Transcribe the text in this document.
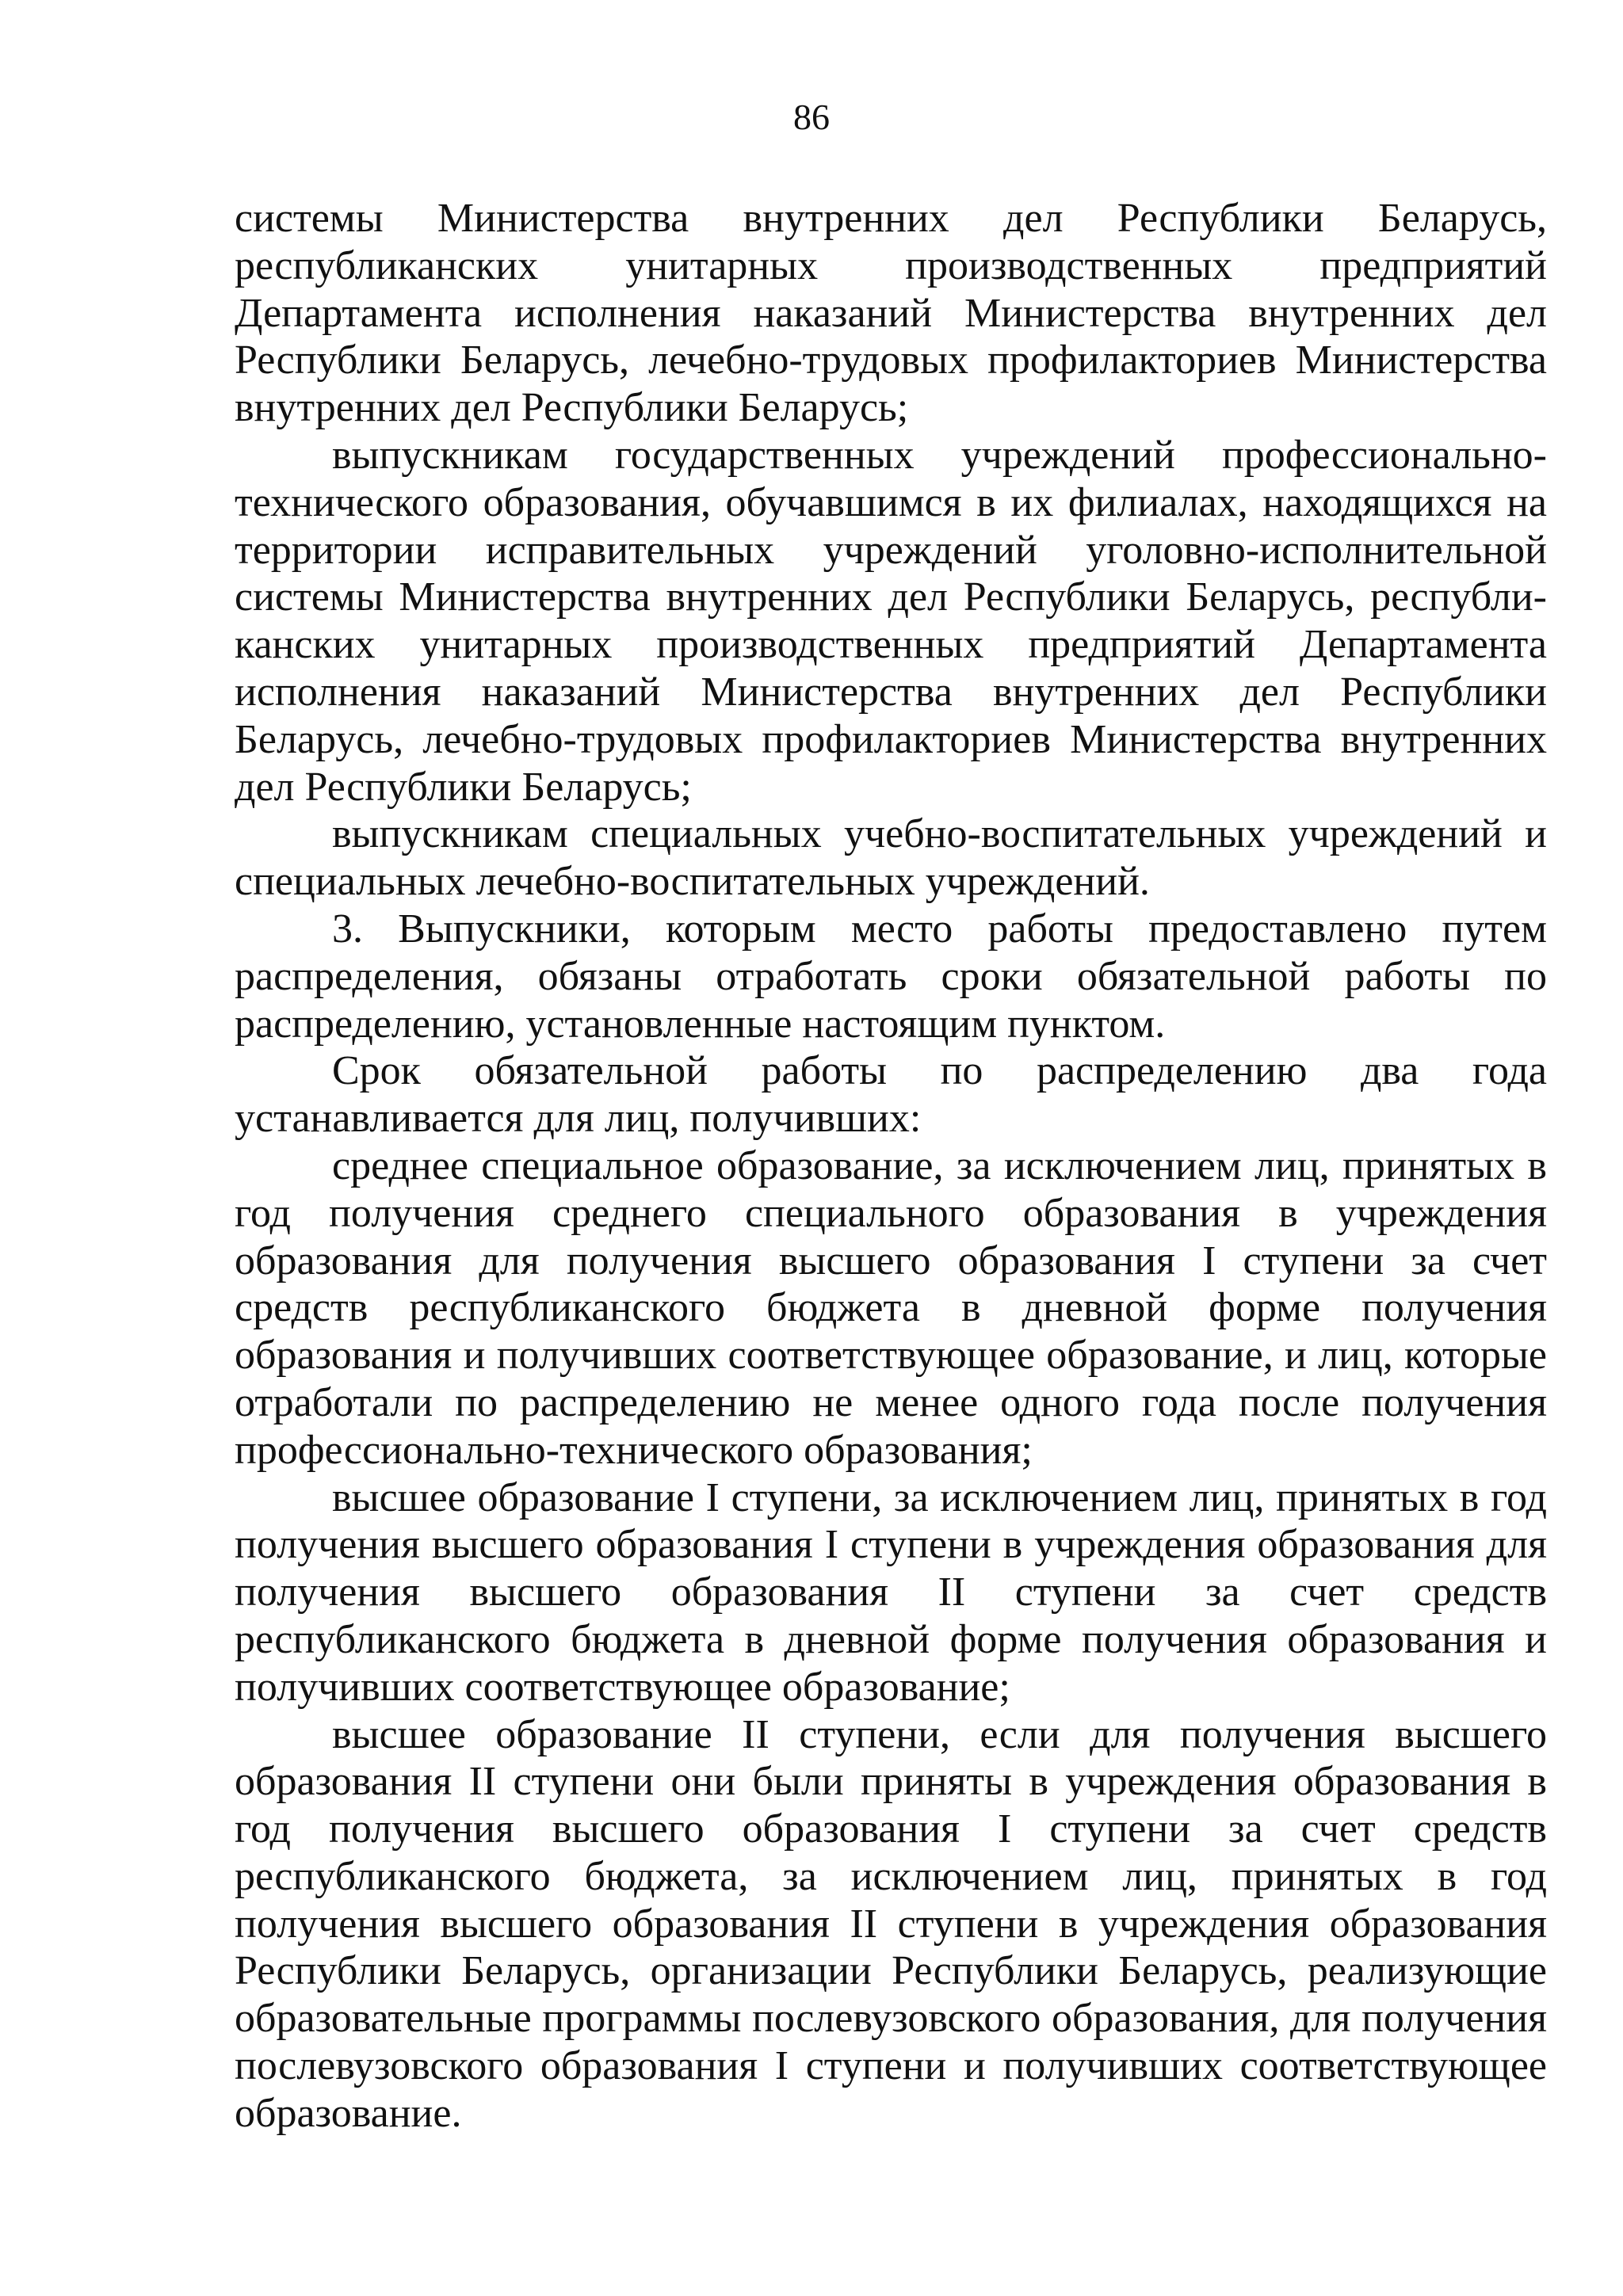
86

системы Министерства внутренних дел Республики Беларусь, республиканских унитарных производственных предприятий Департамента исполнения наказаний Министерства внутренних дел Республики Беларусь, лечебно-трудовых профилакториев Министерства внутренних дел Республики Беларусь;

выпускникам государственных учреждений профессионально-технического образования, обучавшимся в их филиалах, находящихся на территории исправительных учреждений уголовно-исполнительной системы Министерства внутренних дел Республики Беларусь, республи-канских унитарных производственных предприятий Департамента исполнения наказаний Министерства внутренних дел Республики Беларусь, лечебно-трудовых профилакториев Министерства внутренних дел Республики Беларусь;

выпускникам специальных учебно-воспитательных учреждений и специальных лечебно-воспитательных учреждений.

3. Выпускники, которым место работы предоставлено путем распределения, обязаны отработать сроки обязательной работы по распределению, установленные настоящим пунктом.

Срок обязательной работы по распределению два года устанавливается для лиц, получивших:

среднее специальное образование, за исключением лиц, принятых в год получения среднего специального образования в учреждения образования для получения высшего образования I ступени за счет средств республиканского бюджета в дневной форме получения образования и получивших соответствующее образование, и лиц, которые отработали по распределению не менее одного года после получения профессионально-технического образования;

высшее образование I ступени, за исключением лиц, принятых в год получения высшего образования I ступени в учреждения образования для получения высшего образования II ступени за счет средств республиканского бюджета в дневной форме получения образования и получивших соответствующее образование;

высшее образование II ступени, если для получения высшего образования II ступени они были приняты в учреждения образования в год получения высшего образования I ступени за счет средств республиканского бюджета, за исключением лиц, принятых в год получения высшего образования II ступени в учреждения образования Республики Беларусь, организации Республики Беларусь, реализующие образовательные программы послевузовского образования, для получения послевузовского образования I ступени и получивших соответствующее образование.
